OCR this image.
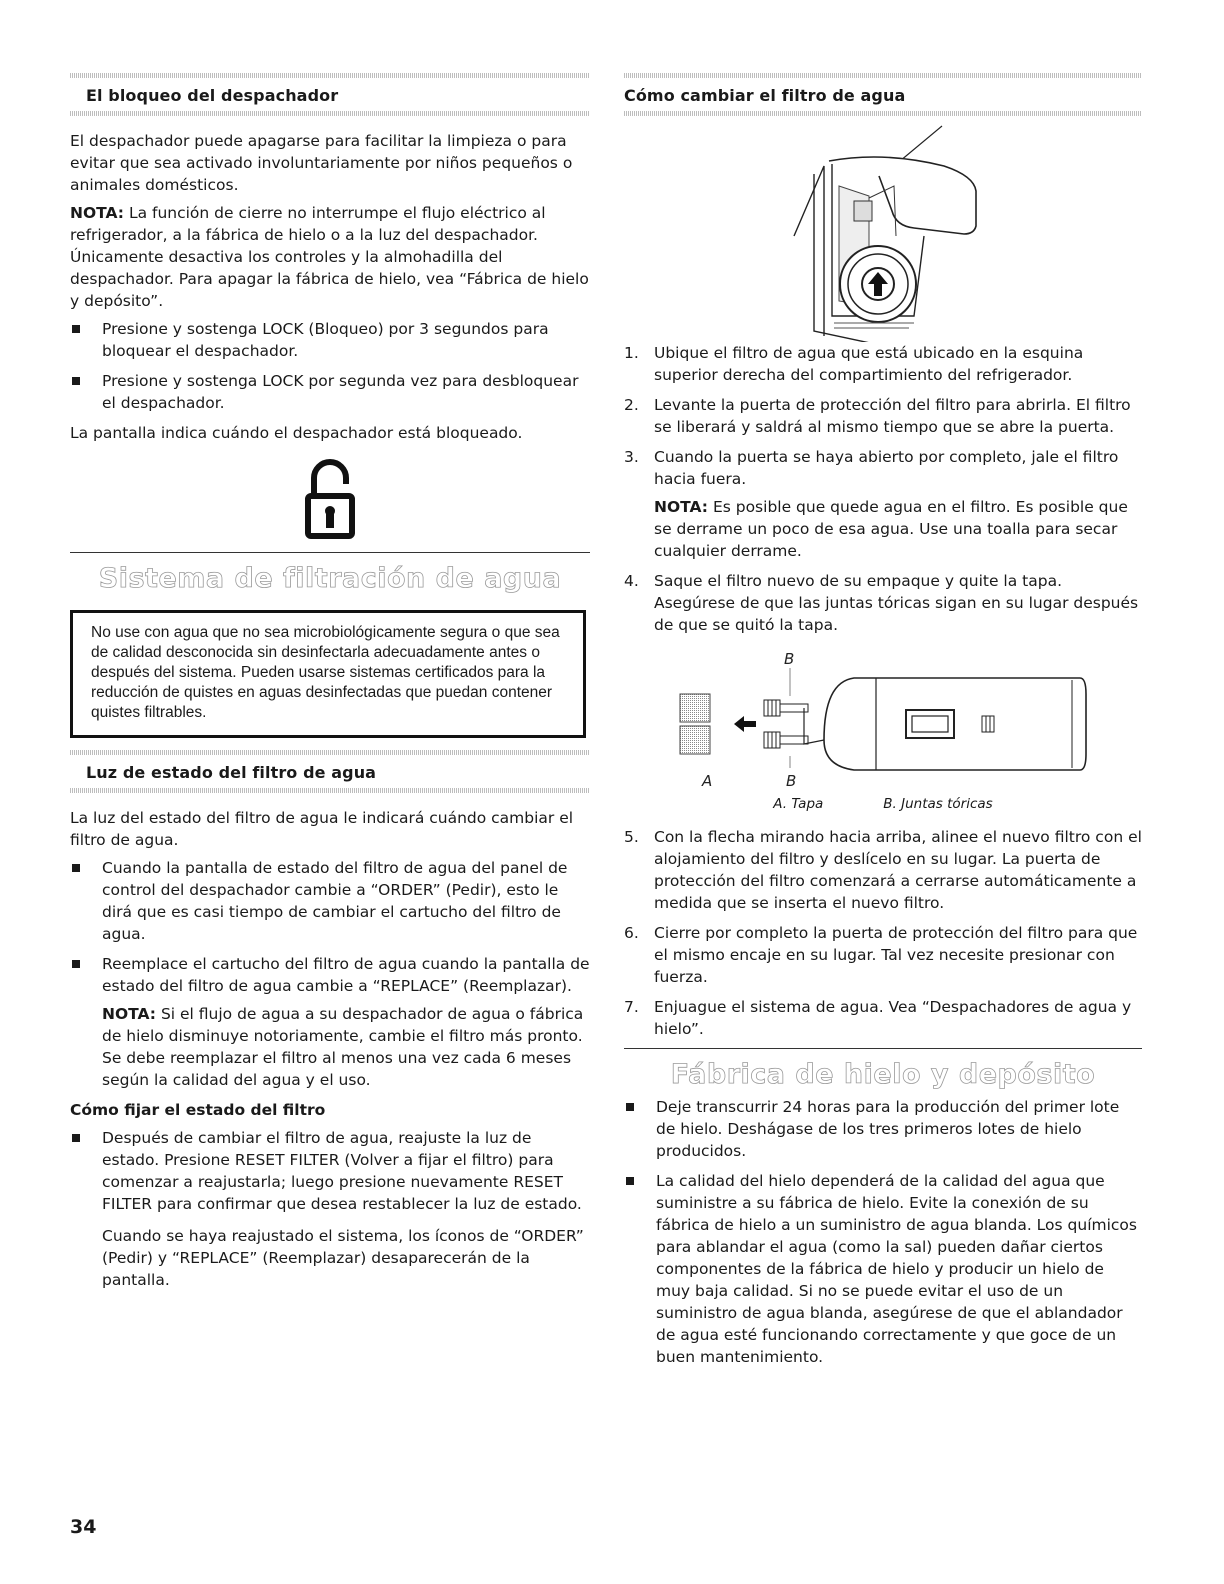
El bloqueo del despachador

El despachador puede apagarse para facilitar la limpieza o para evitar que sea activado involuntariamente por niños pequeños o animales domésticos.

NOTA: La función de cierre no interrumpe el flujo eléctrico al refrigerador, a la fábrica de hielo o a la luz del despachador. Únicamente desactiva los controles y la almohadilla del despachador. Para apagar la fábrica de hielo, vea “Fábrica de hielo y depósito”.

Presione y sostenga LOCK (Bloqueo) por 3 segundos para bloquear el despachador.
Presione y sostenga LOCK por segunda vez para desbloquear el despachador.

La pantalla indica cuándo el despachador está bloqueado.

Sistema de filtración de agua
No use con agua que no sea microbiológicamente segura o que sea de calidad desconocida sin desinfectarla adecuadamente antes o después del sistema. Pueden usarse sistemas certificados para la reducción de quistes en aguas desinfectadas que puedan contener quistes filtrables.
Luz de estado del filtro de agua

La luz del estado del filtro de agua le indicará cuándo cambiar el filtro de agua.

Cuando la pantalla de estado del filtro de agua del panel de control del despachador cambie a “ORDER” (Pedir), esto le dirá que es casi tiempo de cambiar el cartucho del filtro de agua.
Reemplace el cartucho del filtro de agua cuando la pantalla de estado del filtro de agua cambie a “REPLACE” (Reemplazar).
NOTA: Si el flujo de agua a su despachador de agua o fábrica de hielo disminuye notoriamente, cambie el filtro más pronto. Se debe reemplazar el filtro al menos una vez cada 6 meses según la calidad del agua y el uso.

Cómo fijar el estado del filtro

Después de cambiar el filtro de agua, reajuste la luz de estado. Presione RESET FILTER (Volver a fijar el filtro) para comenzar a reajustarla; luego presione nuevamente RESET FILTER para confirmar que desea restablecer la luz de estado.
Cuando se haya reajustado el sistema, los íconos de “ORDER” (Pedir) y “REPLACE” (Reemplazar) desaparecerán de la pantalla.
Cómo cambiar el filtro de agua
1. Ubique el filtro de agua que está ubicado en la esquina superior derecha del compartimiento del refrigerador.
2. Levante la puerta de protección del filtro para abrirla. El filtro se liberará y saldrá al mismo tiempo que se abre la puerta.
3. Cuando la puerta se haya abierto por completo, jale el filtro hacia fuera.
NOTA: Es posible que quede agua en el filtro. Es posible que se derrame un poco de esa agua. Use una toalla para secar cualquier derrame.
4. Saque el filtro nuevo de su empaque y quite la tapa. Asegúrese de que las juntas tóricas sigan en su lugar después de que se quitó la tapa.
B
A	B
A. Tapa	B. Juntas tóricas
5. Con la flecha mirando hacia arriba, alinee el nuevo filtro con el alojamiento del filtro y deslícelo en su lugar. La puerta de protección del filtro comenzará a cerrarse automáticamente a medida que se inserta el nuevo filtro.
6. Cierre por completo la puerta de protección del filtro para que el mismo encaje en su lugar. Tal vez necesite presionar con fuerza.
7. Enjuague el sistema de agua. Vea “Despachadores de agua y hielo”.
Fábrica de hielo y depósito
Deje transcurrir 24 horas para la producción del primer lote de hielo. Deshágase de los tres primeros lotes de hielo producidos.
La calidad del hielo dependerá de la calidad del agua que suministre a su fábrica de hielo. Evite la conexión de su fábrica de hielo a un suministro de agua blanda. Los químicos para ablandar el agua (como la sal) pueden dañar ciertos componentes de la fábrica de hielo y producir un hielo de muy baja calidad. Si no se puede evitar el uso de un suministro de agua blanda, asegúrese de que el ablandador de agua esté funcionando correctamente y que goce de un buen mantenimiento.
34
